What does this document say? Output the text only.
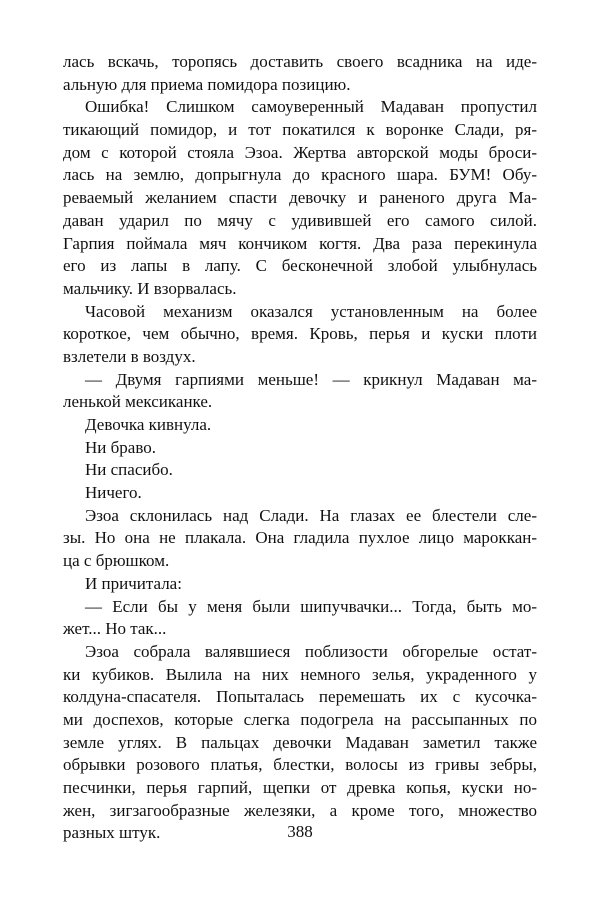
лась вскачь, торопясь доставить своего всадника на иде-
альную для приема помидора позицию.
Ошибка! Слишком самоуверенный Мадаван пропустил
тикающий помидор, и тот покатился к воронке Слади, ря-
дом с которой стояла Эзоа. Жертва авторской моды броси-
лась на землю, допрыгнула до красного шара. БУМ! Обу-
реваемый желанием спасти девочку и раненого друга Ма-
даван ударил по мячу с удивившей его самого силой.
Гарпия поймала мяч кончиком когтя. Два раза перекинула
его из лапы в лапу. С бесконечной злобой улыбнулась
мальчику. И взорвалась.
Часовой механизм оказался установленным на более
короткое, чем обычно, время. Кровь, перья и куски плоти
взлетели в воздух.
— Двумя гарпиями меньше! — крикнул Мадаван ма-
ленькой мексиканке.
Девочка кивнула.
Ни браво.
Ни спасибо.
Ничего.
Эзоа склонилась над Слади. На глазах ее блестели сле-
зы. Но она не плакала. Она гладила пухлое лицо мароккан-
ца с брюшком.
И причитала:
— Если бы у меня были шипучвачки... Тогда, быть мо-
жет... Но так...
Эзоа собрала валявшиеся поблизости обгорелые остат-
ки кубиков. Вылила на них немного зелья, украденного у
колдуна-спасателя. Попыталась перемешать их с кусочка-
ми доспехов, которые слегка подогрела на рассыпанных по
земле углях. В пальцах девочки Мадаван заметил также
обрывки розового платья, блестки, волосы из гривы зебры,
песчинки, перья гарпий, щепки от древка копья, куски но-
жен, зигзагообразные железяки, а кроме того, множество
разных штук.	388
